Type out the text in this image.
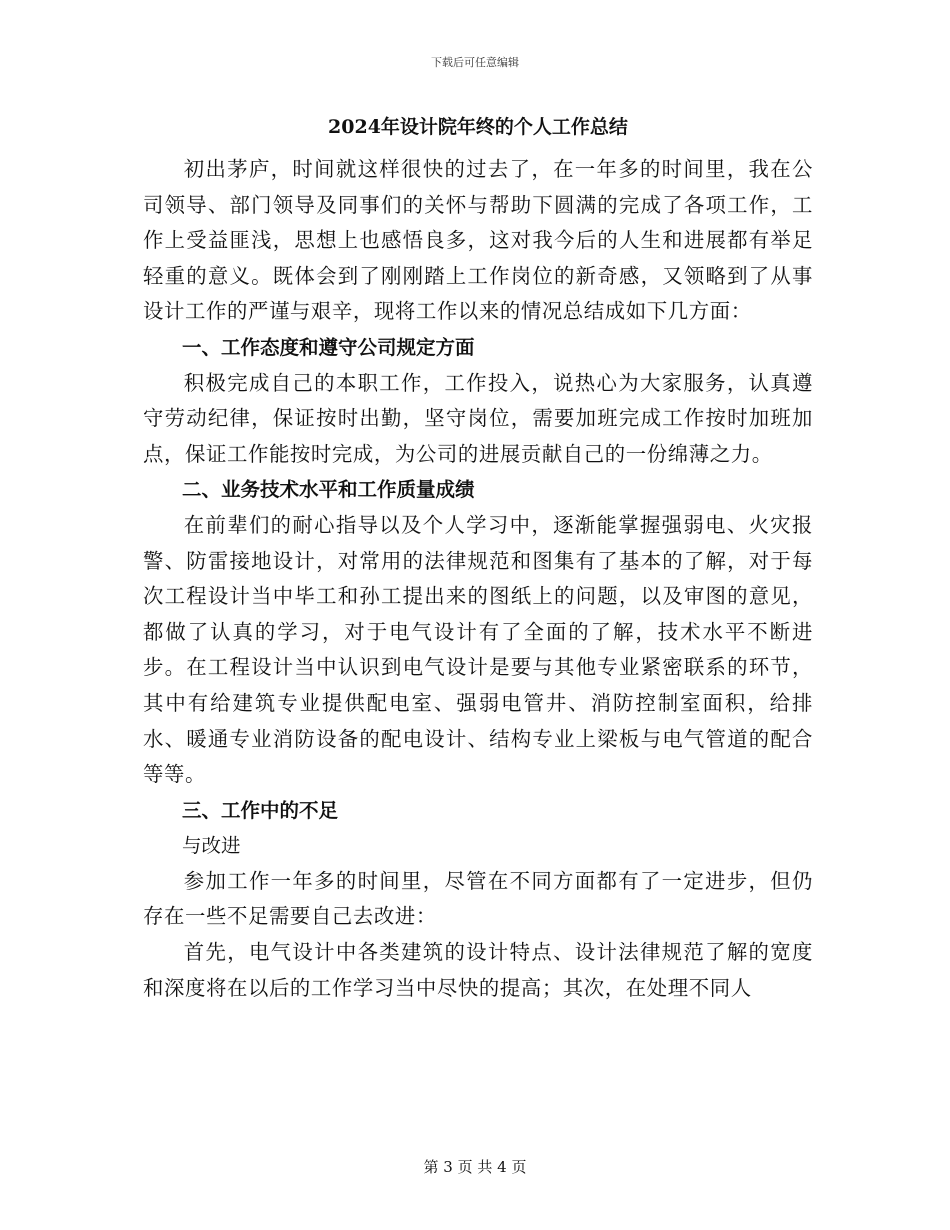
下载后可任意编辑
2024年设计院年终的个人工作总结

初出茅庐，时间就这样很快的过去了，在一年多的时间里，我在公司领导、部门领导及同事们的关怀与帮助下圆满的完成了各项工作，工作上受益匪浅，思想上也感悟良多，这对我今后的人生和进展都有举足轻重的意义。既体会到了刚刚踏上工作岗位的新奇感，又领略到了从事设计工作的严谨与艰辛，现将工作以来的情况总结成如下几方面：

一、工作态度和遵守公司规定方面

积极完成自己的本职工作，工作投入，说热心为大家服务，认真遵守劳动纪律，保证按时出勤，坚守岗位，需要加班完成工作按时加班加点，保证工作能按时完成，为公司的进展贡献自己的一份绵薄之力。

二、业务技术水平和工作质量成绩

在前辈们的耐心指导以及个人学习中，逐渐能掌握强弱电、火灾报警、防雷接地设计，对常用的法律规范和图集有了基本的了解，对于每次工程设计当中毕工和孙工提出来的图纸上的问题，以及审图的意见，都做了认真的学习，对于电气设计有了全面的了解，技术水平不断进步。在工程设计当中认识到电气设计是要与其他专业紧密联系的环节，其中有给建筑专业提供配电室、强弱电管井、消防控制室面积，给排水、暖通专业消防设备的配电设计、结构专业上梁板与电气管道的配合等等。

三、工作中的不足

与改进

参加工作一年多的时间里，尽管在不同方面都有了一定进步，但仍存在一些不足需要自己去改进：

首先，电气设计中各类建筑的设计特点、设计法律规范了解的宽度和深度将在以后的工作学习当中尽快的提高；其次，在处理不同人

第 3 页 共 4 页
